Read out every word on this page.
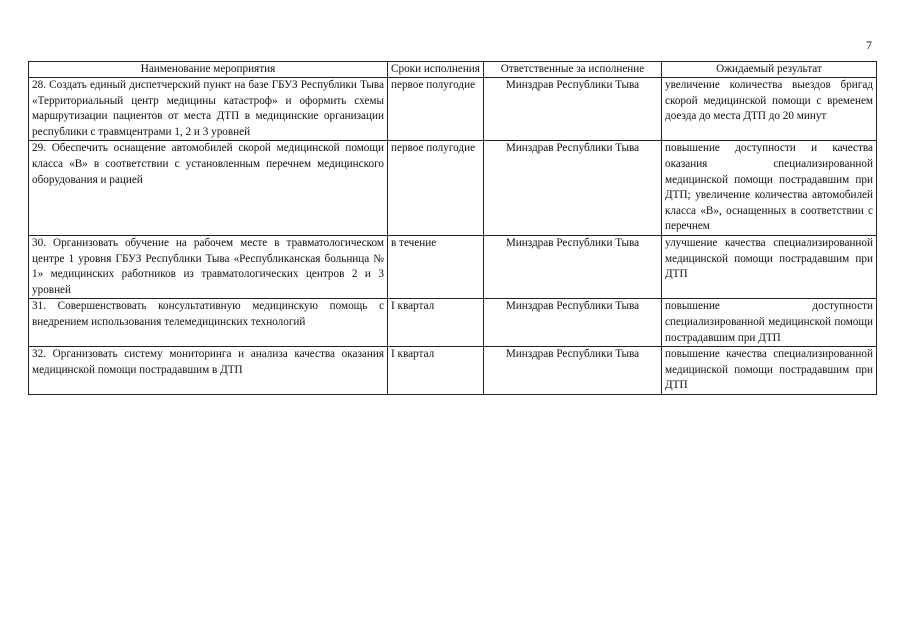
7
Наименование мероприятия	Сроки исполнения	Ответственные за исполнение	Ожидаемый результат
28. Создать единый диспетчерский пункт на базе ГБУЗ Республики Тыва «Территориальный центр медицины катастроф» и оформить схемы маршрутизации пациентов от места ДТП в медицинские организации республики с травмцентрами 1, 2 и 3 уровней	первое полугодие	Минздрав Республики Тыва	увеличение количества выездов бригад скорой медицинской помощи с временем доезда до места ДТП до 20 минут
29. Обеспечить оснащение автомобилей скорой медицинской помощи класса «В» в соответствии с установленным перечнем медицинского оборудования и рацией	первое полугодие	Минздрав Республики Тыва	повышение доступности и качества оказания специализированной медицинской помощи пострадавшим при ДТП; увеличение количества автомобилей класса «В», оснащенных в соответствии с перечнем
30. Организовать обучение на рабочем месте в травматологическом центре 1 уровня ГБУЗ Республики Тыва «Республиканская больница № 1» медицинских работников из травматологических центров 2 и 3 уровней	в течение	Минздрав Республики Тыва	улучшение качества специализированной медицинской помощи пострадавшим при ДТП
31. Совершенствовать консультативную медицинскую помощь с внедрением использования телемедицинских технологий	I квартал	Минздрав Республики Тыва	повышение доступности специализированной медицинской помощи пострадавшим при ДТП
32. Организовать систему мониторинга и анализа качества оказания медицинской помощи пострадавшим в ДТП	I квартал	Минздрав Республики Тыва	повышение качества специализированной медицинской помощи пострадавшим при ДТП
